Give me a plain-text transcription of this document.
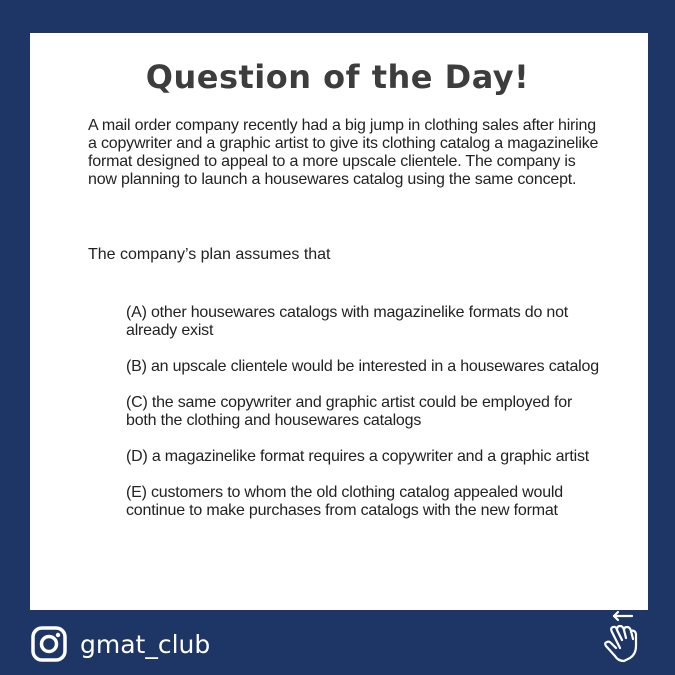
Question of the Day!

A mail order company recently had a big jump in clothing sales after hiring a copywriter and a graphic artist to give its clothing catalog a magazinelike format designed to appeal to a more upscale clientele. The company is now planning to launch a housewares catalog using the same concept.

The company’s plan assumes that

(A) other housewares catalogs with magazinelike formats do not already exist
(B) an upscale clientele would be interested in a housewares catalog
(C) the same copywriter and graphic artist could be employed for both the clothing and housewares catalogs
(D) a magazinelike format requires a copywriter and a graphic artist
(E) customers to whom the old clothing catalog appealed would continue to make purchases from catalogs with the new format
gmat_club
